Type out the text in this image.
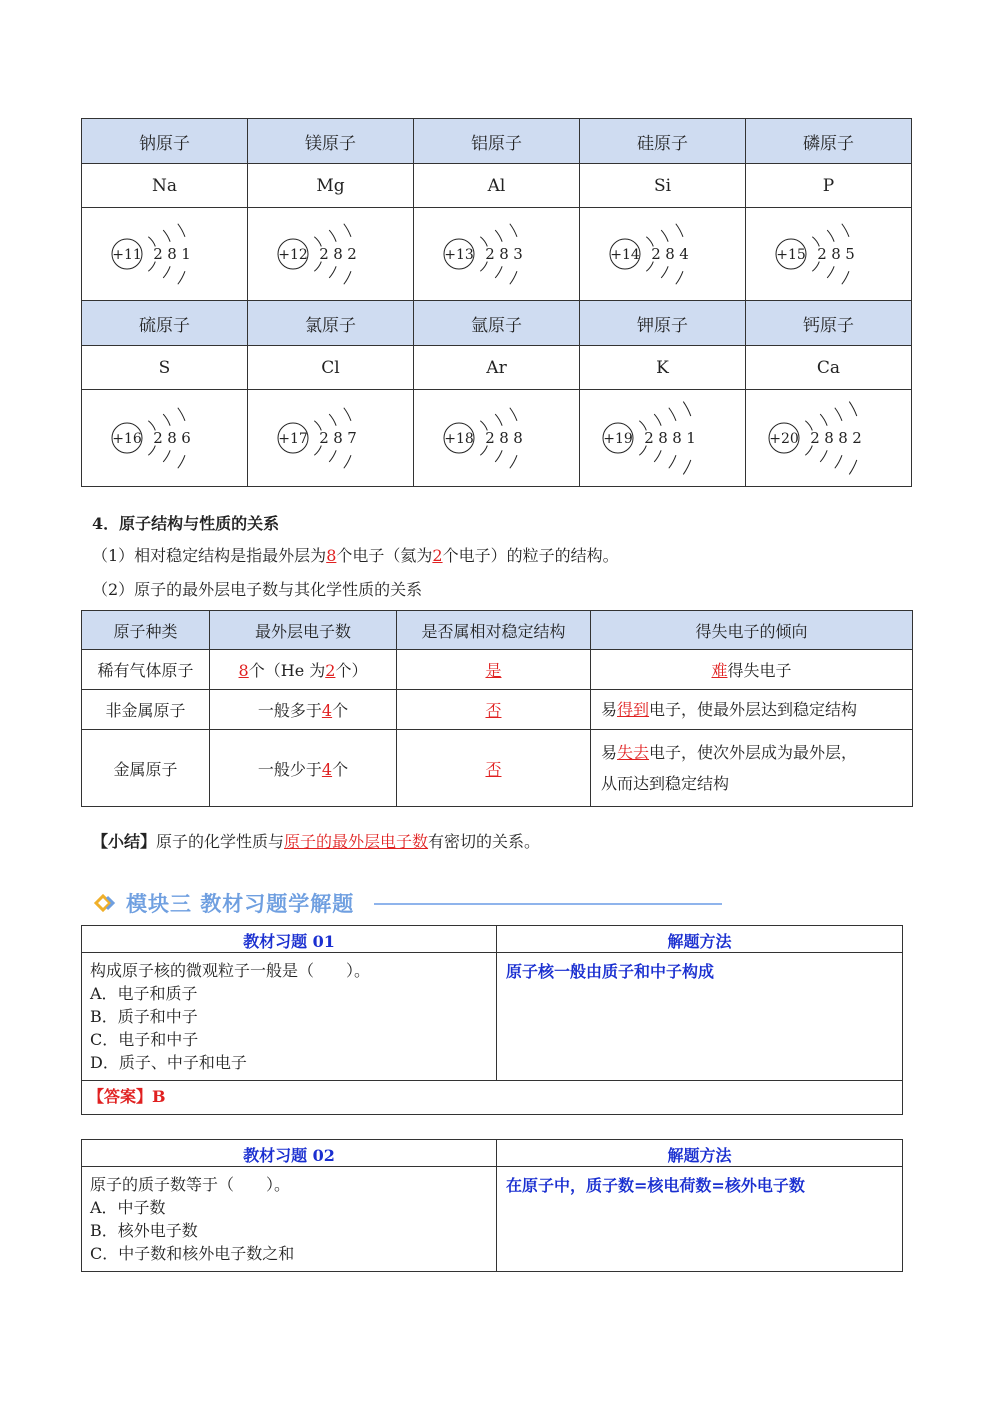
钠原子	镁原子	铝原子	硅原子	磷原子
Na	Mg	Al	Si	P

+11 2 8 1	+12 2 8 2	+13 2 8 3	+14 2 8 4	+15 2 8 5

硫原子	氯原子	氩原子	钾原子	钙原子
S	Cl	Ar	K	Ca

+16 2 8 6	+17 2 8 7	+18 2 8 8	+19 2 8 8 1	+20 2 8 8 2
4．原子结构与性质的关系
（1）相对稳定结构是指最外层为8个电子（氦为2个电子）的粒子的结构。
（2）原子的最外层电子数与其化学性质的关系
原子种类	最外层电子数	是否属相对稳定结构	得失电子的倾向
稀有气体原子	8个（He 为2个）	是	难得失电子
非金属原子	一般多于4个	否	易得到电子，使最外层达到稳定结构
金属原子	一般少于4个	否	易失去电子，使次外层成为最外层，
从而达到稳定结构
【小结】原子的化学性质与原子的最外层电子数有密切的关系。
模块三 教材习题学解题
教材习题 01	解题方法

构成原子核的微观粒子一般是（　　）。
A．电子和质子
B．质子和中子
C．电子和中子
D．质子、中子和电子	原子核一般由质子和中子构成
【答案】B	
教材习题 02	解题方法

原子的质子数等于（　　）。
A．中子数
B．核外电子数
C．中子数和核外电子数之和	在原子中，质子数=核电荷数=核外电子数
